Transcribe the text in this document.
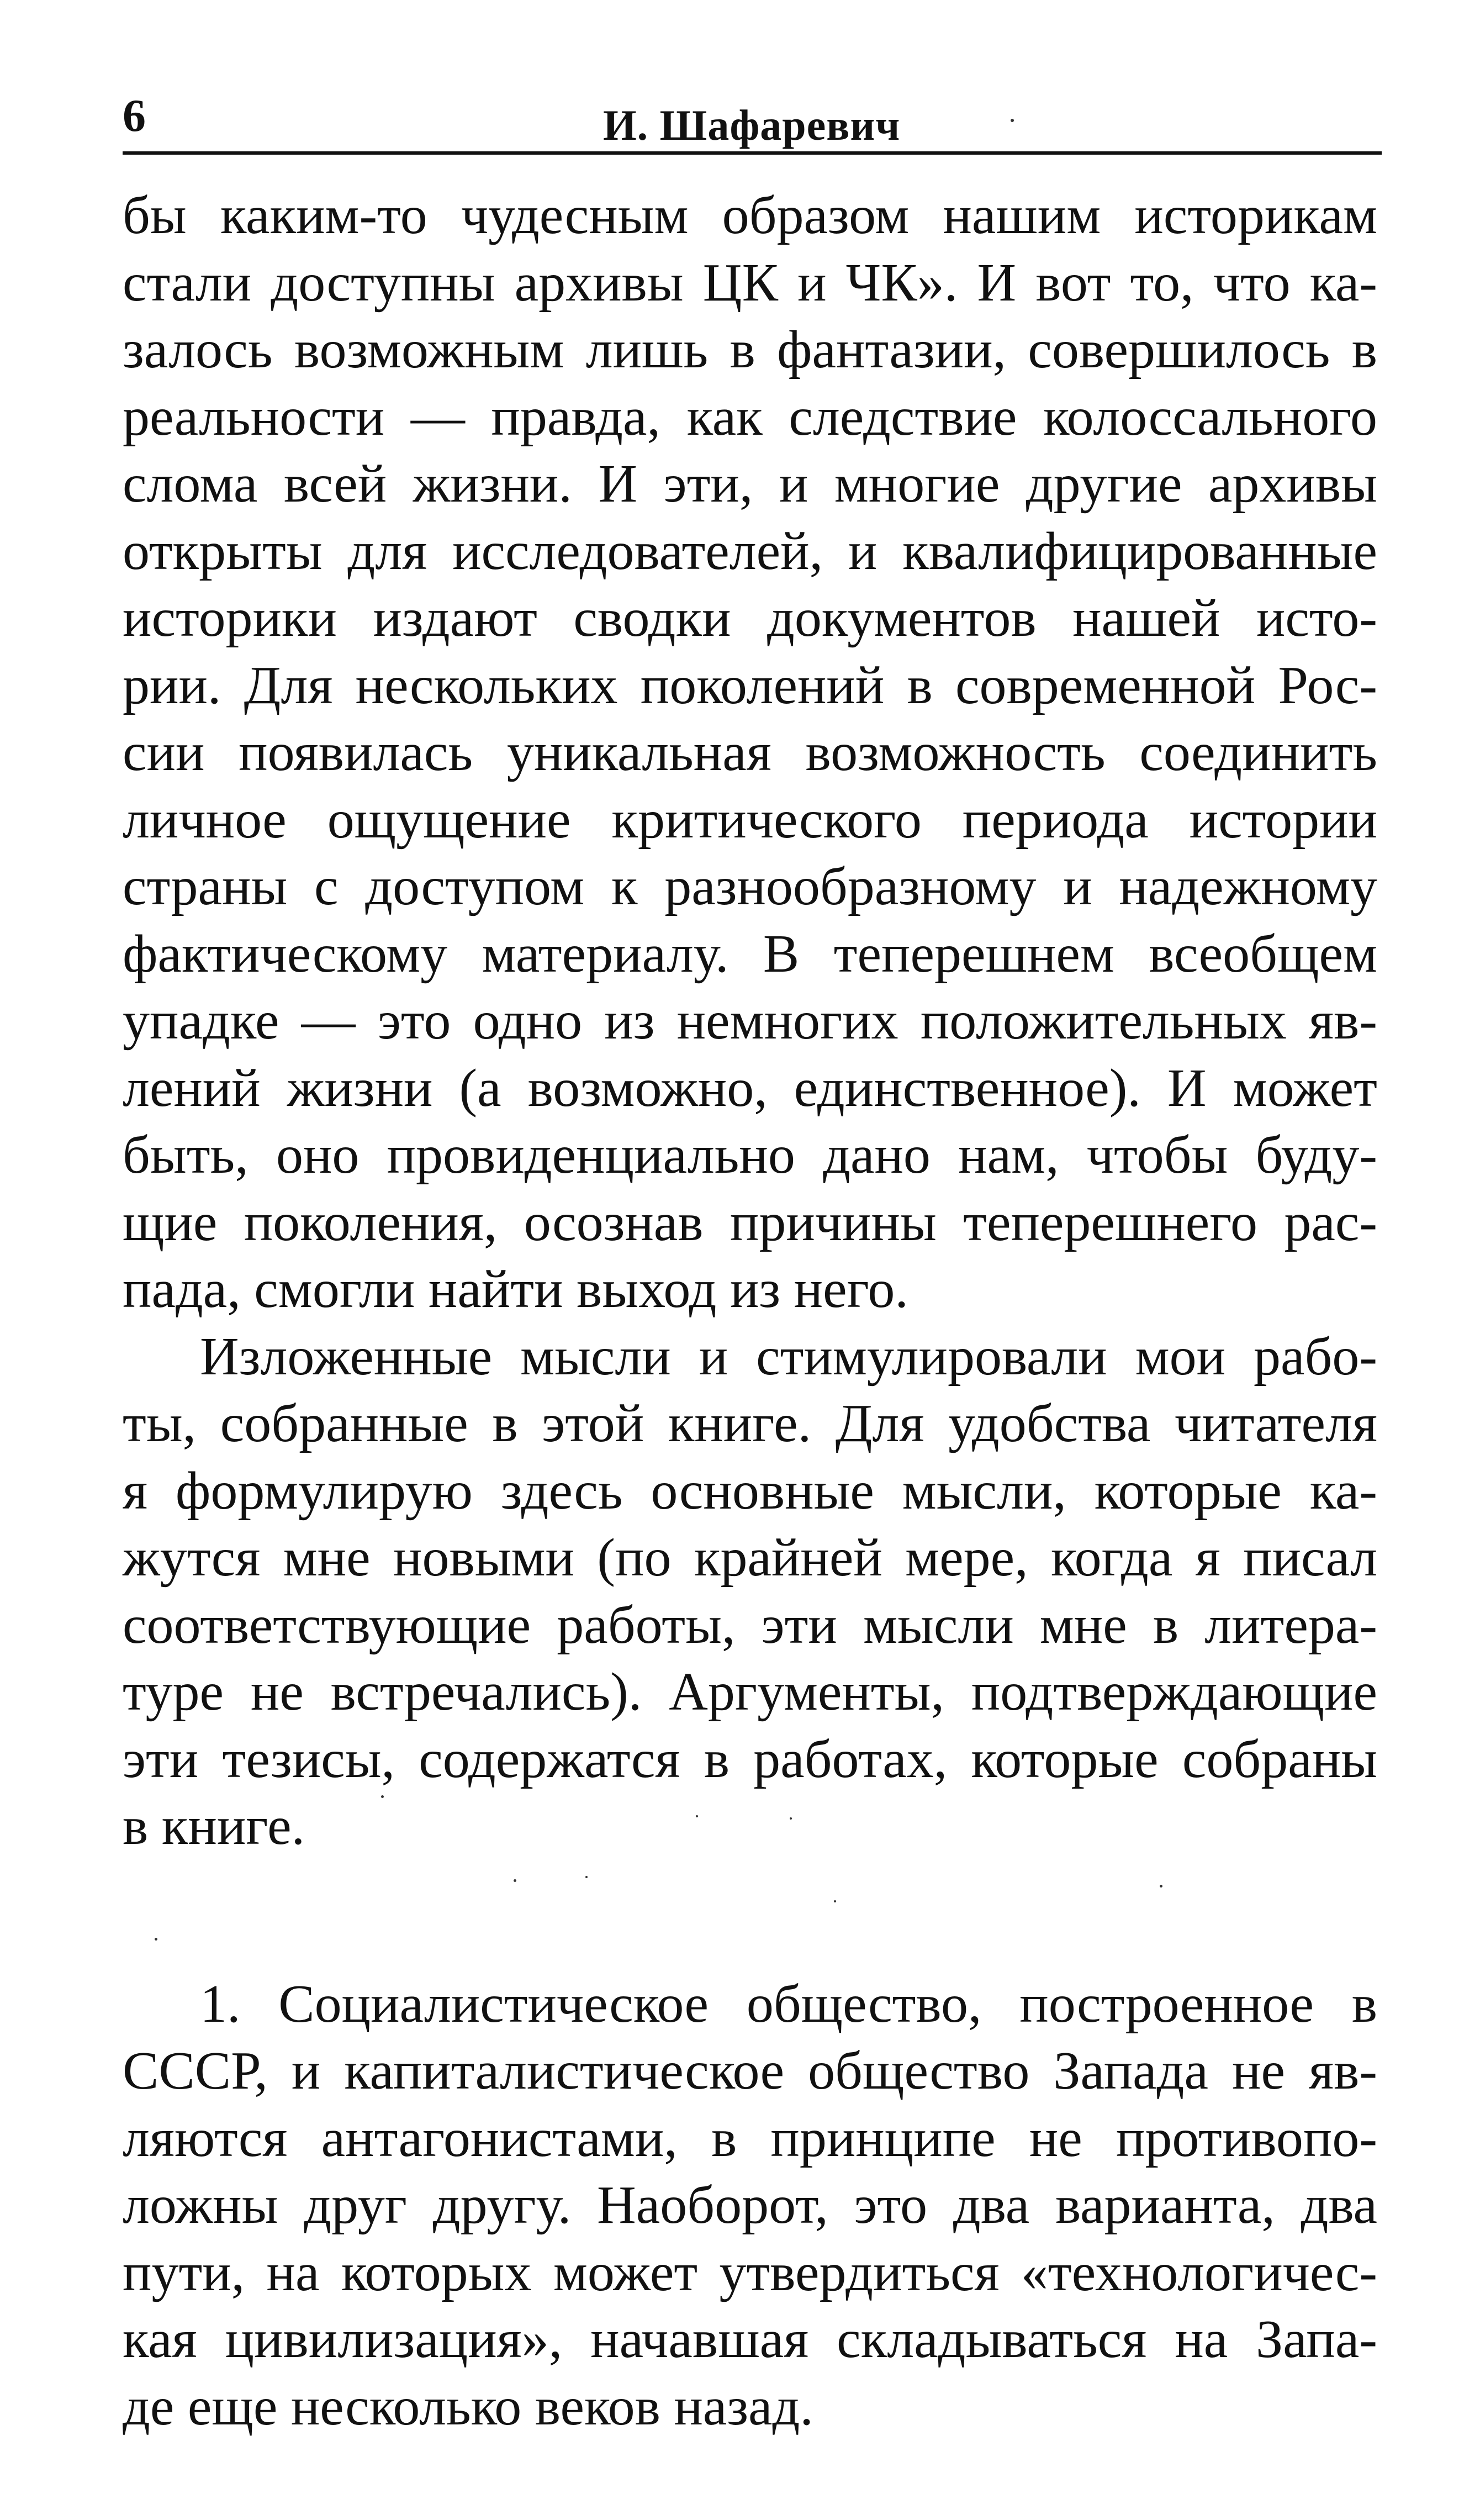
6	И. Шафаревич
бы каким-то чудесным образом нашим историкам
стали доступны архивы ЦК и ЧК». И вот то, что ка-
залось возможным лишь в фантазии, совершилось в
реальности — правда, как следствие колоссального
слома всей жизни. И эти, и многие другие архивы
открыты для исследователей, и квалифицированные
историки издают сводки документов нашей исто-
рии. Для нескольких поколений в современной Рос-
сии появилась уникальная возможность соединить
личное ощущение критического периода истории
страны с доступом к разнообразному и надежному
фактическому материалу. В теперешнем всеобщем
упадке — это одно из немногих положительных яв-
лений жизни (а возможно, единственное). И может
быть, оно провиденциально дано нам, чтобы буду-
щие поколения, осознав причины теперешнего рас-
пада, смогли найти выход из него.
Изложенные мысли и стимулировали мои рабо-
ты, собранные в этой книге. Для удобства читателя
я формулирую здесь основные мысли, которые ка-
жутся мне новыми (по крайней мере, когда я писал
соответствующие работы, эти мысли мне в литера-
туре не встречались). Аргументы, подтверждающие
эти тезисы, содержатся в работах, которые собраны
в книге.
1. Социалистическое общество, построенное в
СССР, и капиталистическое общество Запада не яв-
ляются антагонистами, в принципе не противопо-
ложны друг другу. Наоборот, это два варианта, два
пути, на которых может утвердиться «технологичес-
кая цивилизация», начавшая складываться на Запа-
де еще несколько веков назад.
